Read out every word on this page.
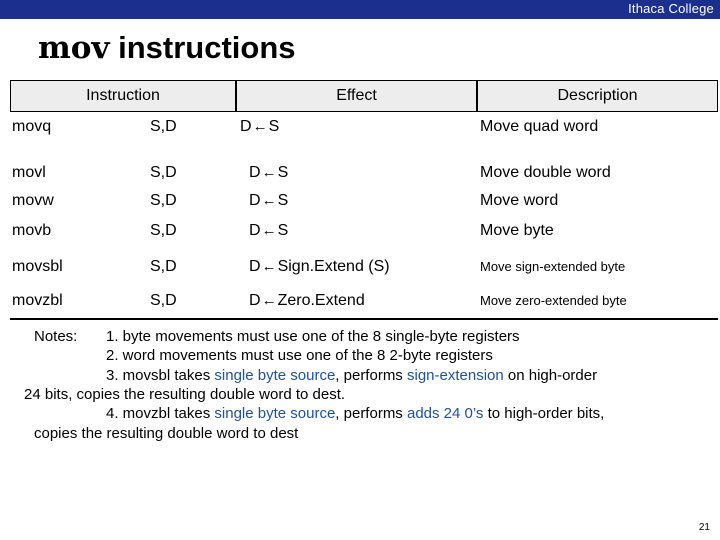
Ithaca College
mov instructions
Instruction	Effect	Description
movq	S,D	D←S	Move quad word
movl	S,D	D←S	Move double word
movw	S,D	D←S	Move word
movb	S,D	D←S	Move byte
movsbl	S,D	D←Sign.Extend (S)	Move sign-extended byte
movzbl	S,D	D←Zero.Extend	Move zero-extended byte
Notes: 1. byte movements must use one of the 8 single-byte registers
2. word movements must use one of the 8 2-byte registers
3. movsbl takes single byte source, performs sign-extension on high-order
24 bits, copies the resulting double word to dest.
4. movzbl takes single byte source, performs adds 24 0’s to high-order bits,
copies the resulting double word to dest
21
